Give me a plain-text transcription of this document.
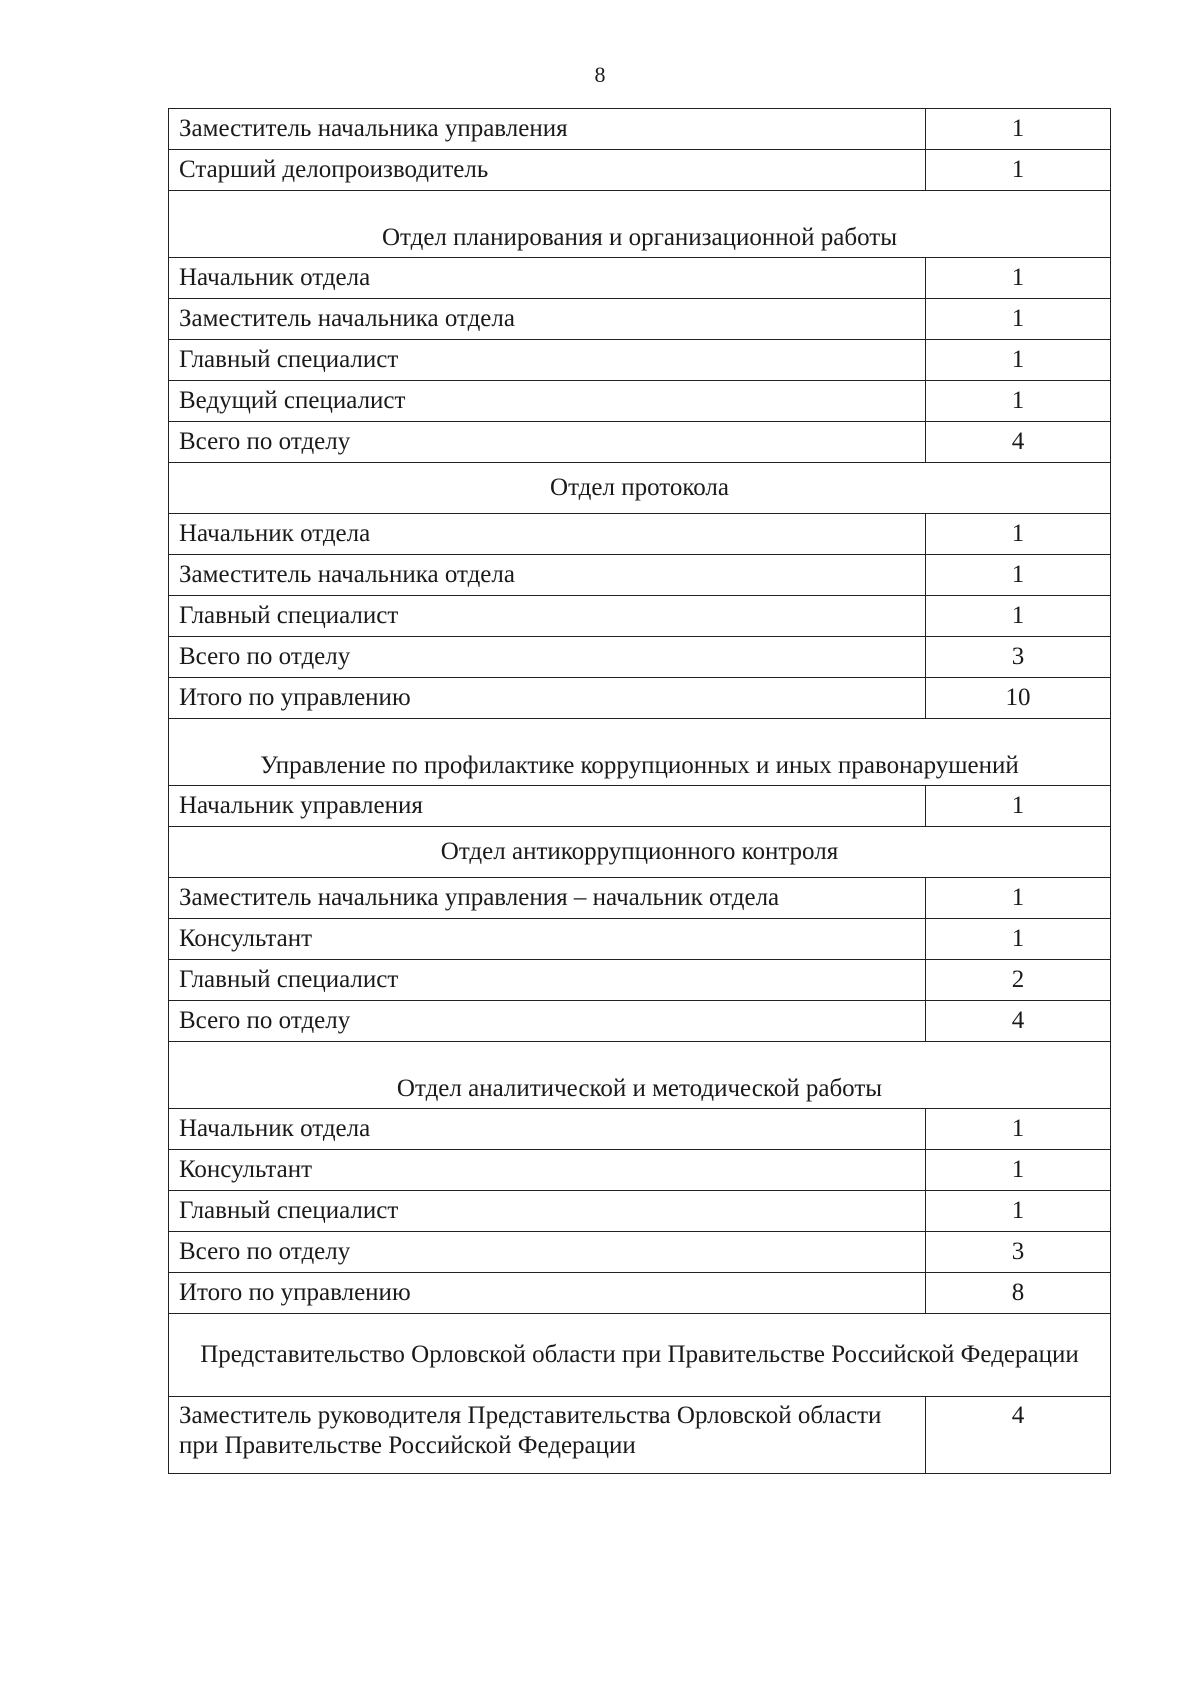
8
Заместитель начальника управления	1
Старший делопроизводитель	1
Отдел планирования и организационной работы	
Начальник отдела	1
Заместитель начальника отдела	1
Главный специалист	1
Ведущий специалист	1
Всего по отделу	4
Отдел протокола	
Начальник отдела	1
Заместитель начальника отдела	1
Главный специалист	1
Всего по отделу	3
Итого по управлению	10
Управление по профилактике коррупционных и иных правонарушений	
Начальник управления	1
Отдел антикоррупционного контроля	
Заместитель начальника управления – начальник отдела	1
Консультант	1
Главный специалист	2
Всего по отделу	4
Отдел аналитической и методической работы	
Начальник отдела	1
Консультант	1
Главный специалист	1
Всего по отделу	3
Итого по управлению	8
Представительство Орловской области при Правительстве Российской Федерации	
Заместитель руководителя Представительства Орловской области при Правительстве Российской Федерации	4
